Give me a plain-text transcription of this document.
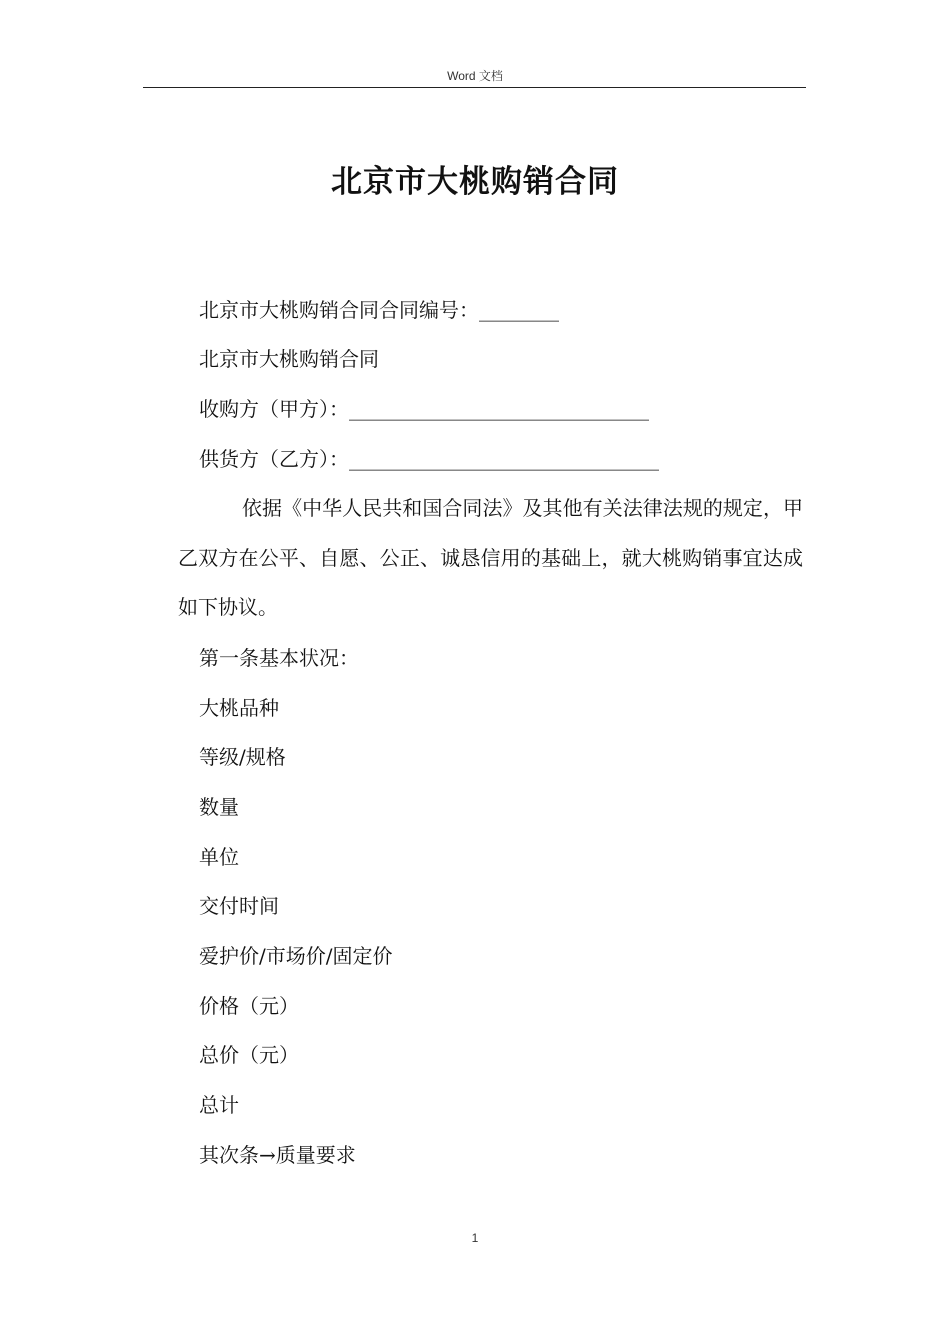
Word 文档
北京市大桃购销合同
北京市大桃购销合同合同编号：________
北京市大桃购销合同
收购方（甲方）：______________________________
供货方（乙方）：_______________________________
依据《中华人民共和国合同法》及其他有关法律法规的规定，甲乙双方在公平、自愿、公正、诚恳信用的基础上，就大桃购销事宜达成如下协议。
第一条基本状况：
大桃品种
等级/规格
数量
单位
交付时间
爱护价/市场价/固定价
价格（元）
总价（元）
总计
其次条→质量要求
1
